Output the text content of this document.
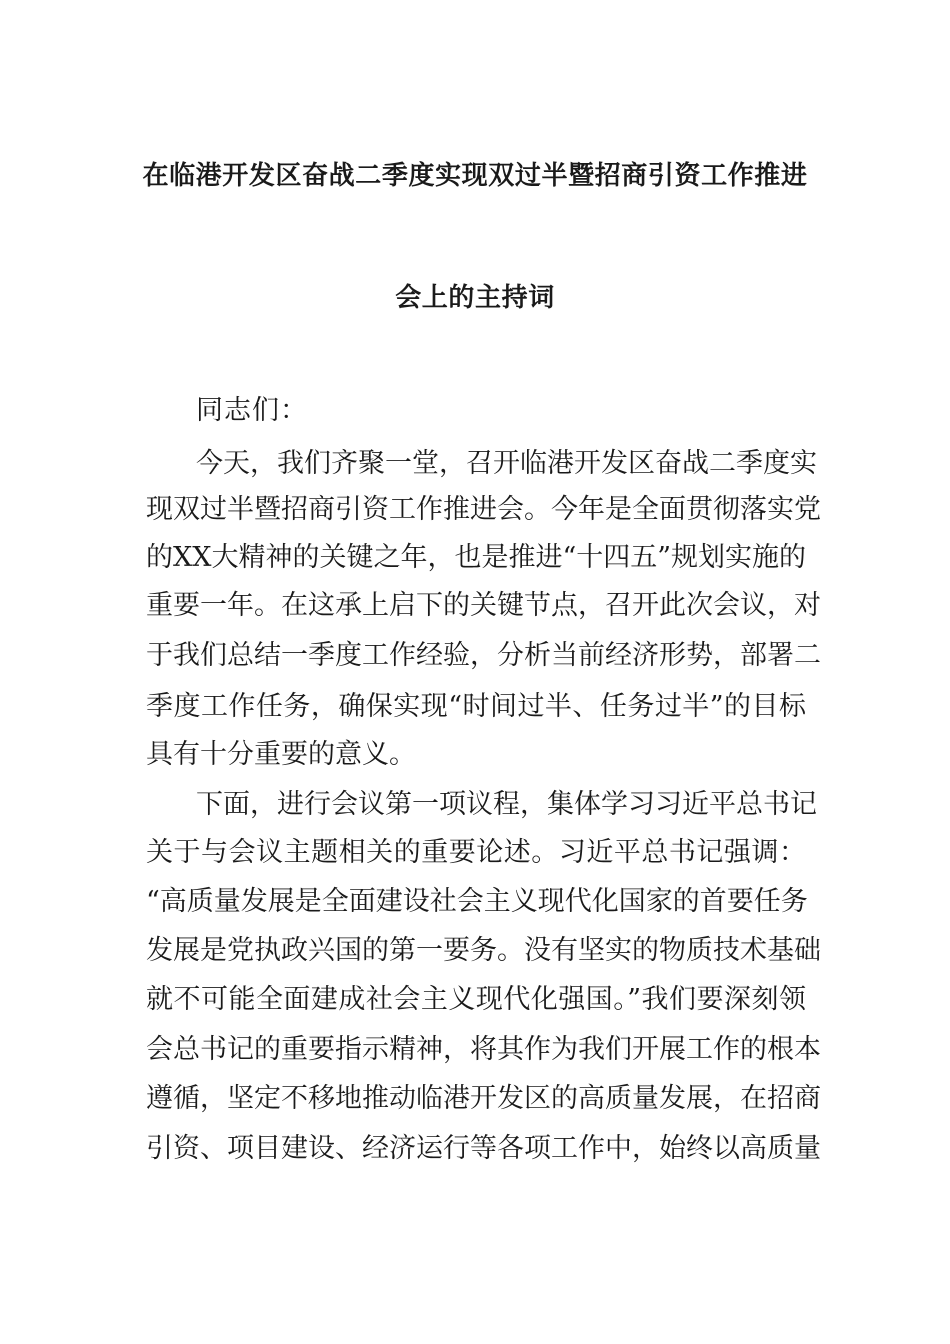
在临港开发区奋战二季度实现双过半暨招商引资工作推进
会上的主持词
同志们：
今天，我们齐聚一堂，召开临港开发区奋战二季度实
现双过半暨招商引资工作推进会。今年是全面贯彻落实党
的XX大精神的关键之年，也是推进“十四五”规划实施的
重要一年。在这承上启下的关键节点，召开此次会议，对
于我们总结一季度工作经验，分析当前经济形势，部署二
季度工作任务，确保实现“时间过半、任务过半”的目标
具有十分重要的意义。
下面，进行会议第一项议程，集体学习习近平总书记
关于与会议主题相关的重要论述。习近平总书记强调：
“高质量发展是全面建设社会主义现代化国家的首要任务
发展是党执政兴国的第一要务。没有坚实的物质技术基础
就不可能全面建成社会主义现代化强国。”我们要深刻领
会总书记的重要指示精神，将其作为我们开展工作的根本
遵循，坚定不移地推动临港开发区的高质量发展，在招商
引资、项目建设、经济运行等各项工作中，始终以高质量
